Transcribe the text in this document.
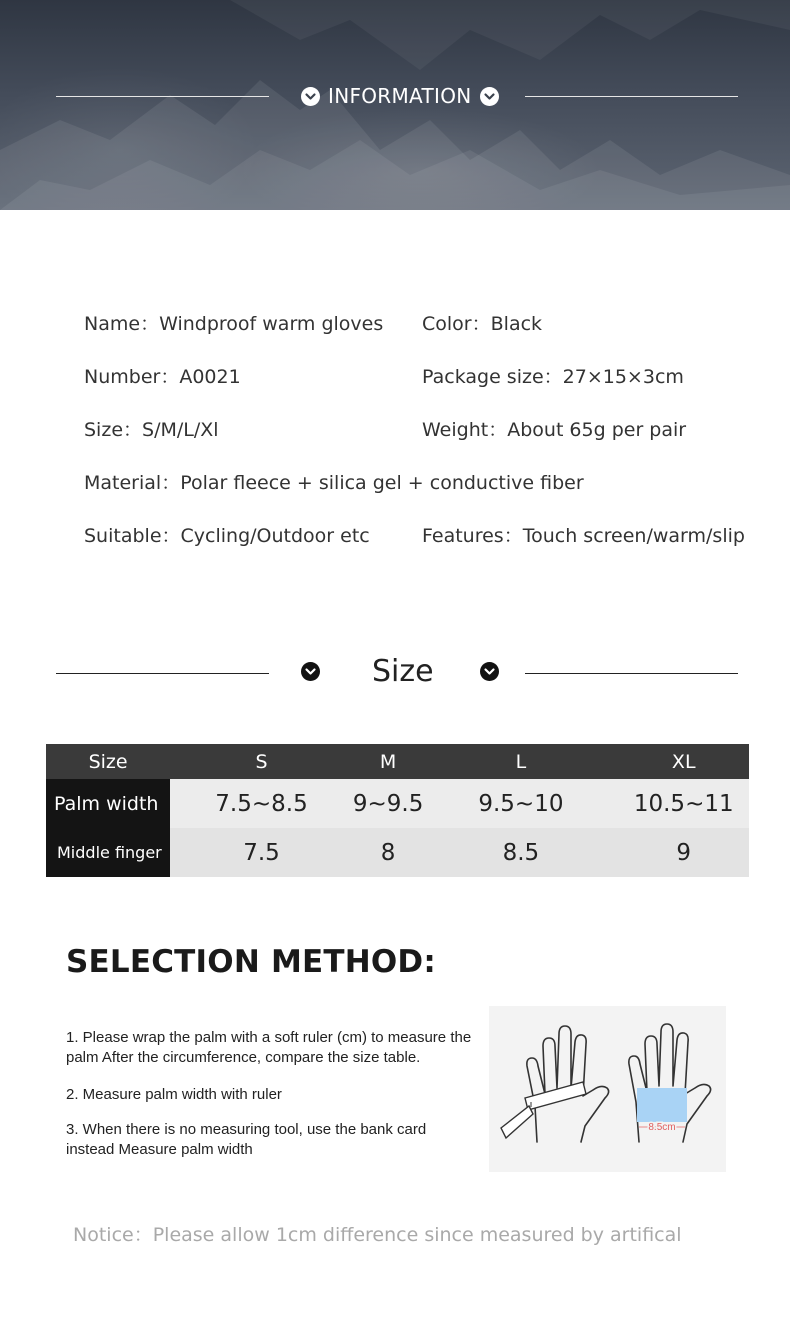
INFORMATION
Name：Windproof warm gloves Color：Black
Number：A0021	Package size：27×15×3cm
Size：S/M/L/Xl	Weight：About 65g per pair
Material：Polar fleece + silica gel + conductive fiber
Suitable：Cycling/Outdoor etc	Features：Touch screen/warm/slip
Size
Size	S	M	L	XL
Palm width	7.5~8.5	9~9.5	9.5~10	10.5~11
Middle finger	7.5	8	8.5	9
SELECTION METHOD:
1. Please wrap the palm with a soft ruler (cm) to measure the palm After the circumference, compare the size table.
2. Measure palm width with ruler
3. When there is no measuring tool, use the bank card instead Measure palm width
8.5cm
Notice：Please allow 1cm difference since measured by artifical
